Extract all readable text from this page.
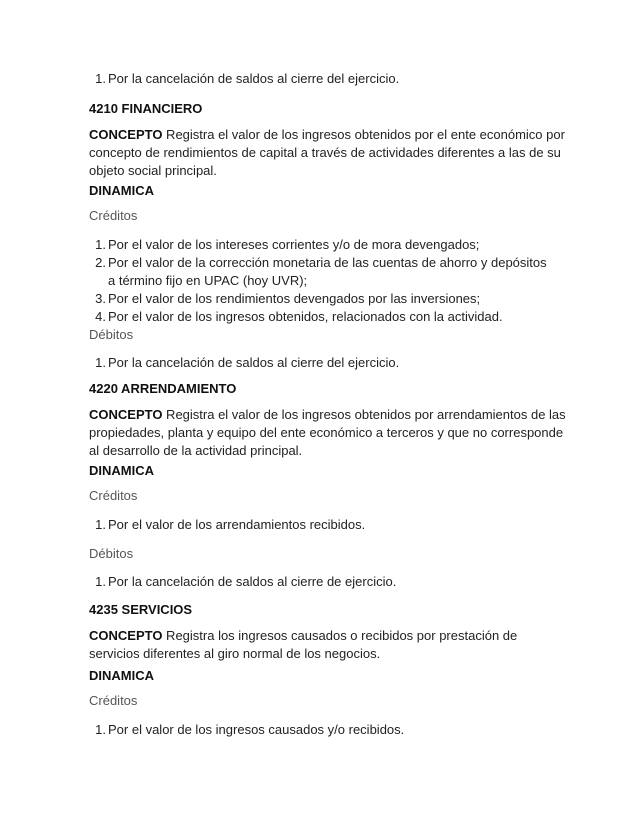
1. Por la cancelación de saldos al cierre del ejercicio.
4210 FINANCIERO
CONCEPTO Registra el valor de los ingresos obtenidos por el ente económico por
concepto de rendimientos de capital a través de actividades diferentes a las de su
objeto social principal.
DINAMICA
Créditos
1. Por el valor de los intereses corrientes y/o de mora devengados;
2. Por el valor de la corrección monetaria de las cuentas de ahorro y depósitos
a término fijo en UPAC (hoy UVR);
3. Por el valor de los rendimientos devengados por las inversiones;
4. Por el valor de los ingresos obtenidos, relacionados con la actividad.
Débitos
1. Por la cancelación de saldos al cierre del ejercicio.
4220 ARRENDAMIENTO
CONCEPTO Registra el valor de los ingresos obtenidos por arrendamientos de las
propiedades, planta y equipo del ente económico a terceros y que no corresponde
al desarrollo de la actividad principal.
DINAMICA
Créditos
1. Por el valor de los arrendamientos recibidos.
Débitos
1. Por la cancelación de saldos al cierre de ejercicio.
4235 SERVICIOS
CONCEPTO Registra los ingresos causados o recibidos por prestación de
servicios diferentes al giro normal de los negocios.
DINAMICA
Créditos
1. Por el valor de los ingresos causados y/o recibidos.
